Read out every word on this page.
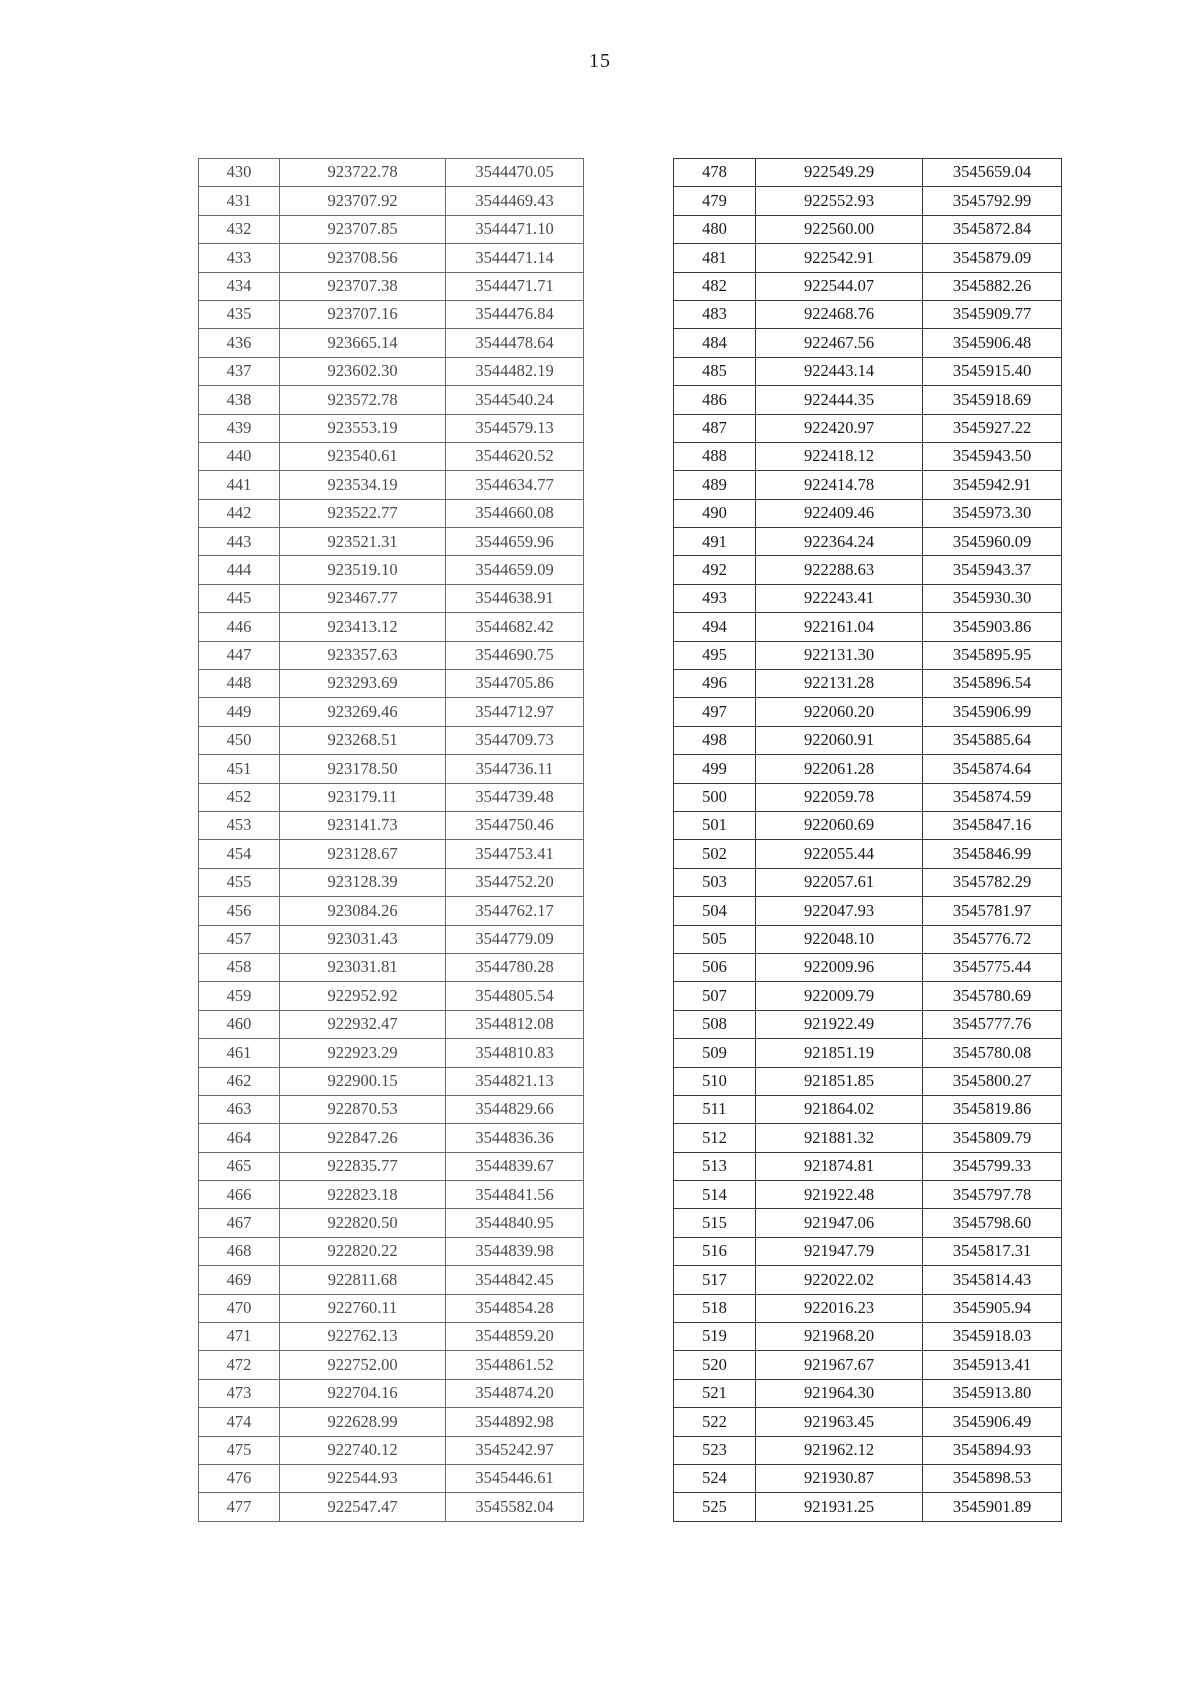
15
430	923722.78	3544470.05
431	923707.92	3544469.43
432	923707.85	3544471.10
433	923708.56	3544471.14
434	923707.38	3544471.71
435	923707.16	3544476.84
436	923665.14	3544478.64
437	923602.30	3544482.19
438	923572.78	3544540.24
439	923553.19	3544579.13
440	923540.61	3544620.52
441	923534.19	3544634.77
442	923522.77	3544660.08
443	923521.31	3544659.96
444	923519.10	3544659.09
445	923467.77	3544638.91
446	923413.12	3544682.42
447	923357.63	3544690.75
448	923293.69	3544705.86
449	923269.46	3544712.97
450	923268.51	3544709.73
451	923178.50	3544736.11
452	923179.11	3544739.48
453	923141.73	3544750.46
454	923128.67	3544753.41
455	923128.39	3544752.20
456	923084.26	3544762.17
457	923031.43	3544779.09
458	923031.81	3544780.28
459	922952.92	3544805.54
460	922932.47	3544812.08
461	922923.29	3544810.83
462	922900.15	3544821.13
463	922870.53	3544829.66
464	922847.26	3544836.36
465	922835.77	3544839.67
466	922823.18	3544841.56
467	922820.50	3544840.95
468	922820.22	3544839.98
469	922811.68	3544842.45
470	922760.11	3544854.28
471	922762.13	3544859.20
472	922752.00	3544861.52
473	922704.16	3544874.20
474	922628.99	3544892.98
475	922740.12	3545242.97
476	922544.93	3545446.61
477	922547.47	3545582.04
478	922549.29	3545659.04
479	922552.93	3545792.99
480	922560.00	3545872.84
481	922542.91	3545879.09
482	922544.07	3545882.26
483	922468.76	3545909.77
484	922467.56	3545906.48
485	922443.14	3545915.40
486	922444.35	3545918.69
487	922420.97	3545927.22
488	922418.12	3545943.50
489	922414.78	3545942.91
490	922409.46	3545973.30
491	922364.24	3545960.09
492	922288.63	3545943.37
493	922243.41	3545930.30
494	922161.04	3545903.86
495	922131.30	3545895.95
496	922131.28	3545896.54
497	922060.20	3545906.99
498	922060.91	3545885.64
499	922061.28	3545874.64
500	922059.78	3545874.59
501	922060.69	3545847.16
502	922055.44	3545846.99
503	922057.61	3545782.29
504	922047.93	3545781.97
505	922048.10	3545776.72
506	922009.96	3545775.44
507	922009.79	3545780.69
508	921922.49	3545777.76
509	921851.19	3545780.08
510	921851.85	3545800.27
511	921864.02	3545819.86
512	921881.32	3545809.79
513	921874.81	3545799.33
514	921922.48	3545797.78
515	921947.06	3545798.60
516	921947.79	3545817.31
517	922022.02	3545814.43
518	922016.23	3545905.94
519	921968.20	3545918.03
520	921967.67	3545913.41
521	921964.30	3545913.80
522	921963.45	3545906.49
523	921962.12	3545894.93
524	921930.87	3545898.53
525	921931.25	3545901.89
